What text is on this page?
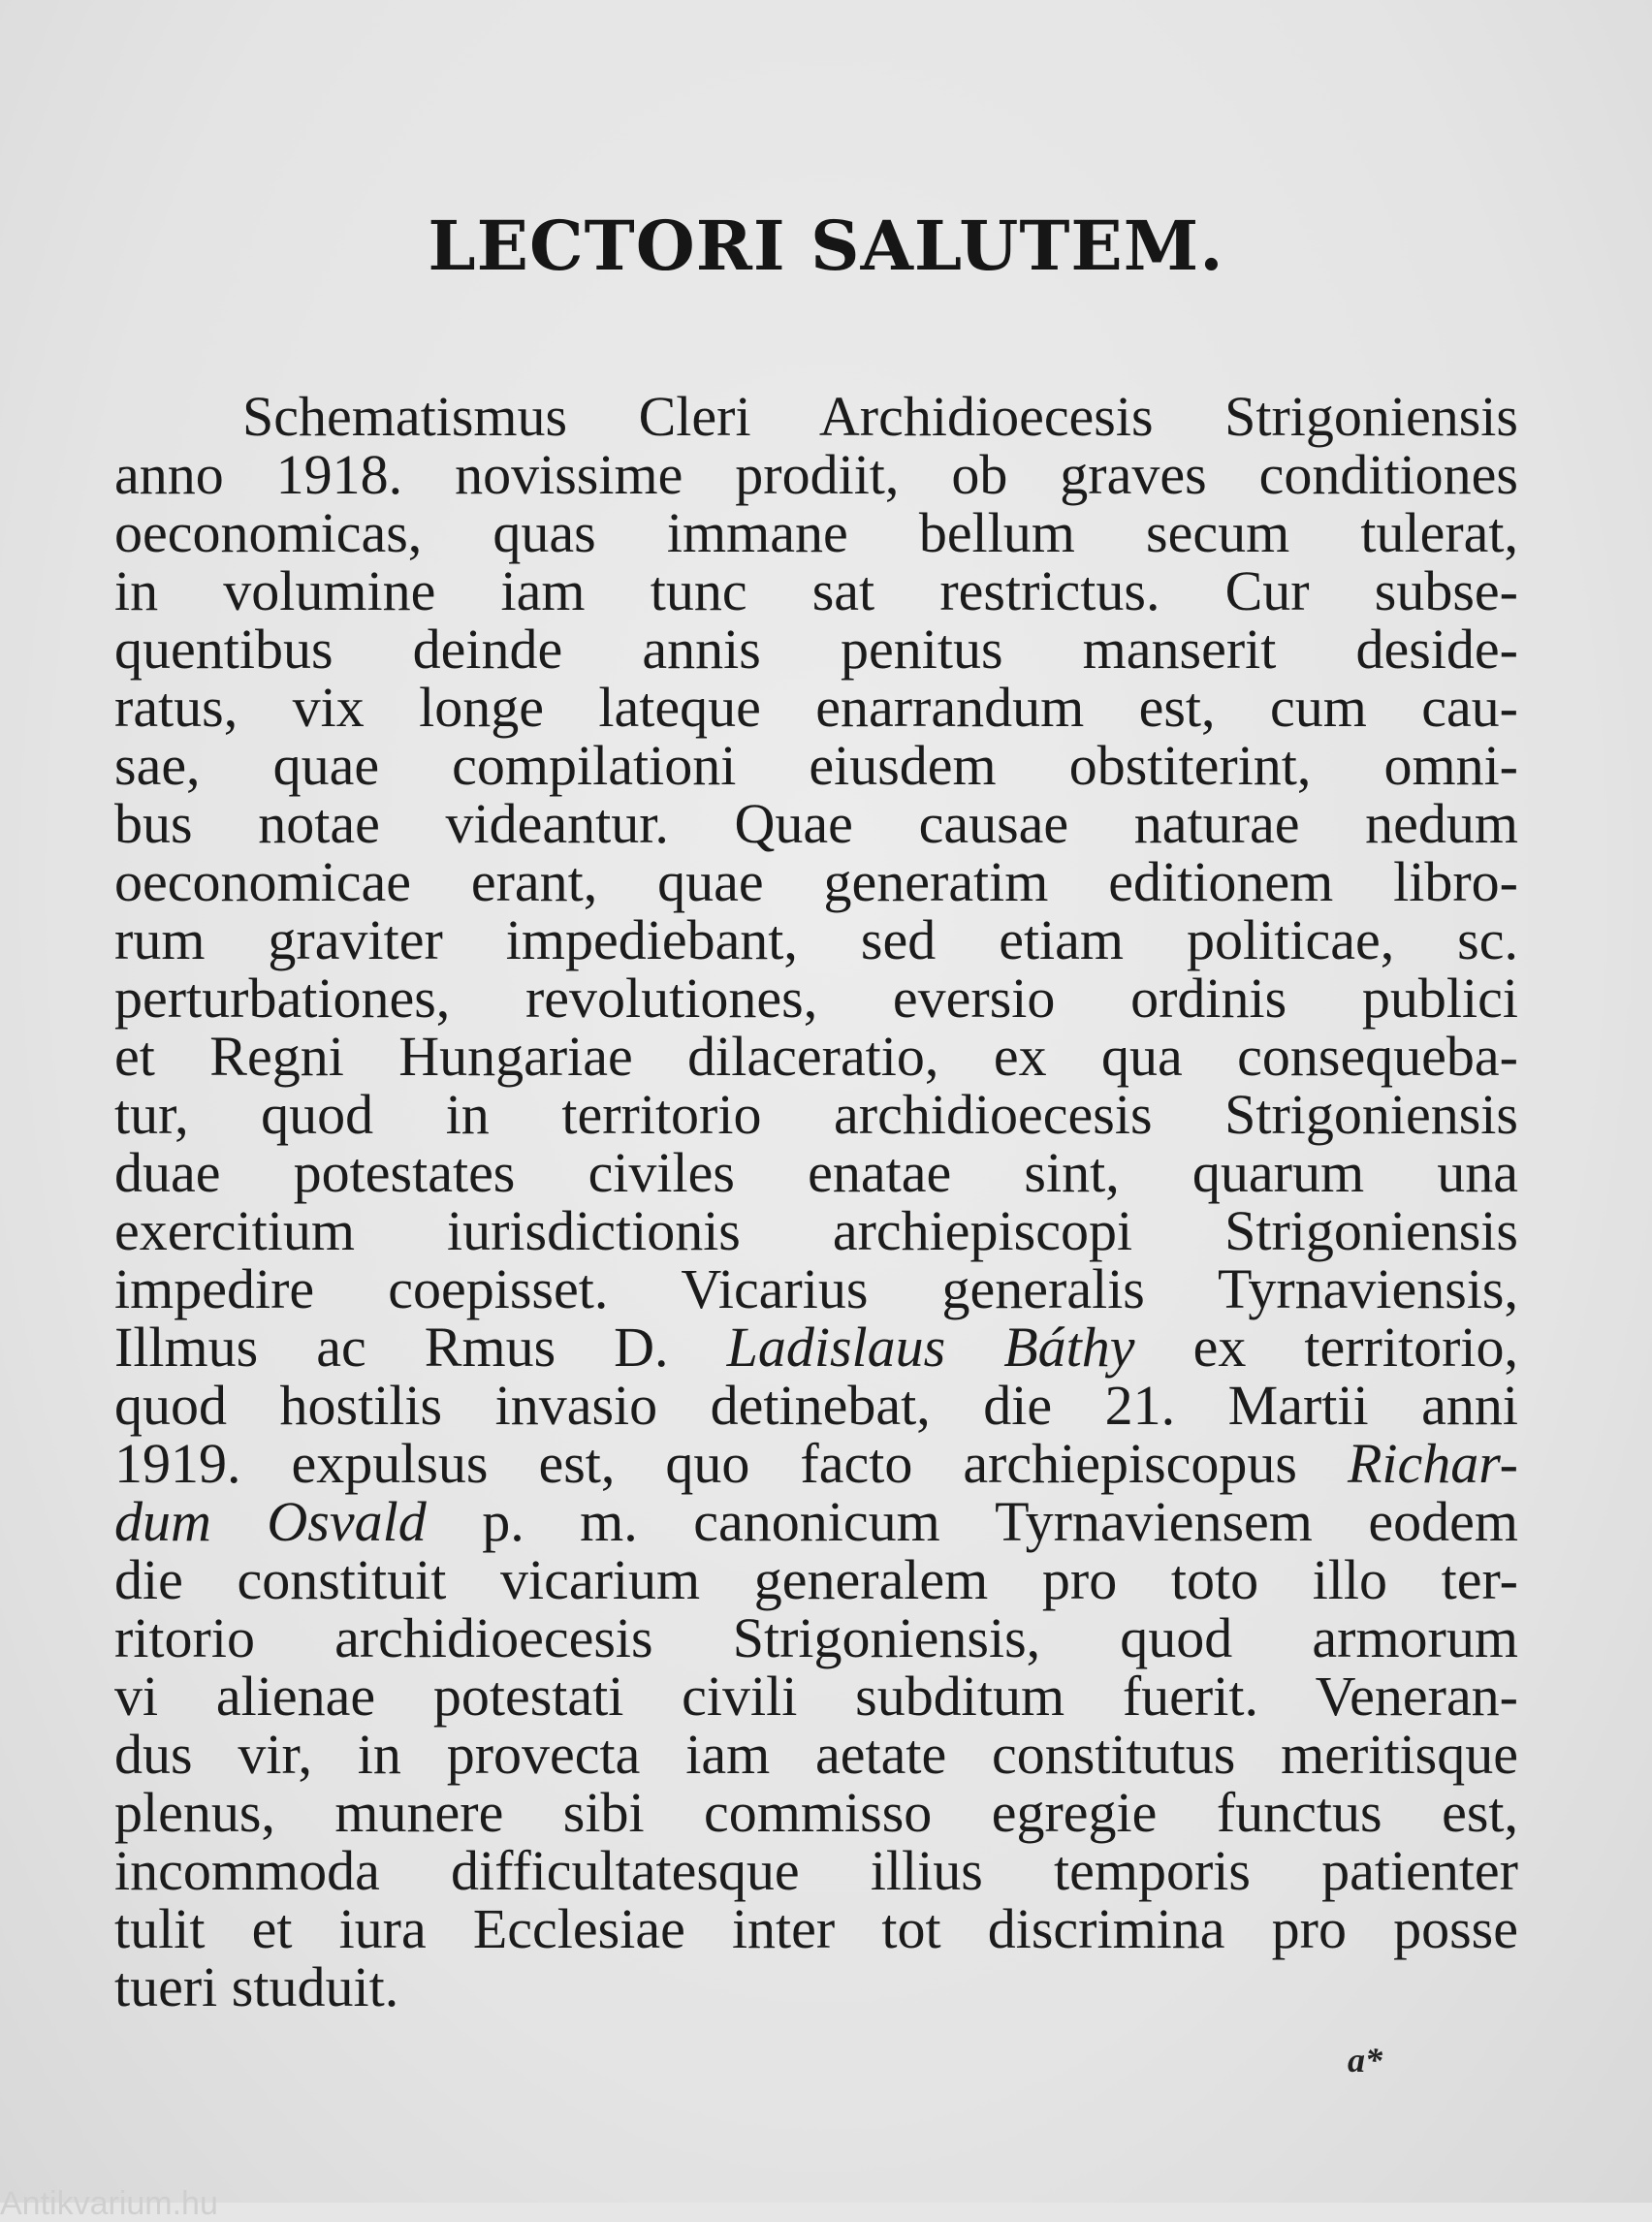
LECTORI SALUTEM.
Schematismus Cleri Archidioecesis Strigoniensis
anno 1918. novissime prodiit, ob graves conditiones
oeconomicas, quas immane bellum secum tulerat,
in volumine iam tunc sat restrictus. Cur subse-
quentibus deinde annis penitus manserit deside-
ratus, vix longe lateque enarrandum est, cum cau-
sae, quae compilationi eiusdem obstiterint, omni-
bus notae videantur. Quae causae naturae nedum
oeconomicae erant, quae generatim editionem libro-
rum graviter impediebant, sed etiam politicae, sc.
perturbationes, revolutiones, eversio ordinis publici
et Regni Hungariae dilaceratio, ex qua consequeba-
tur, quod in territorio archidioecesis Strigoniensis
duae potestates civiles enatae sint, quarum una
exercitium iurisdictionis archiepiscopi Strigoniensis
impedire coepisset. Vicarius generalis Tyrnaviensis,
Illmus ac Rmus D. Ladislaus Báthy ex territorio,
quod hostilis invasio detinebat, die 21. Martii anni
1919. expulsus est, quo facto archiepiscopus Richar-
dum Osvald p. m. canonicum Tyrnaviensem eodem
die constituit vicarium generalem pro toto illo ter-
ritorio archidioecesis Strigoniensis, quod armorum
vi alienae potestati civili subditum fuerit. Veneran-
dus vir, in provecta iam aetate constitutus meritisque
plenus, munere sibi commisso egregie functus est,
incommoda difficultatesque illius temporis patienter
tulit et iura Ecclesiae inter tot discrimina pro posse
tueri studuit.
a*
Antikvarium.hu
